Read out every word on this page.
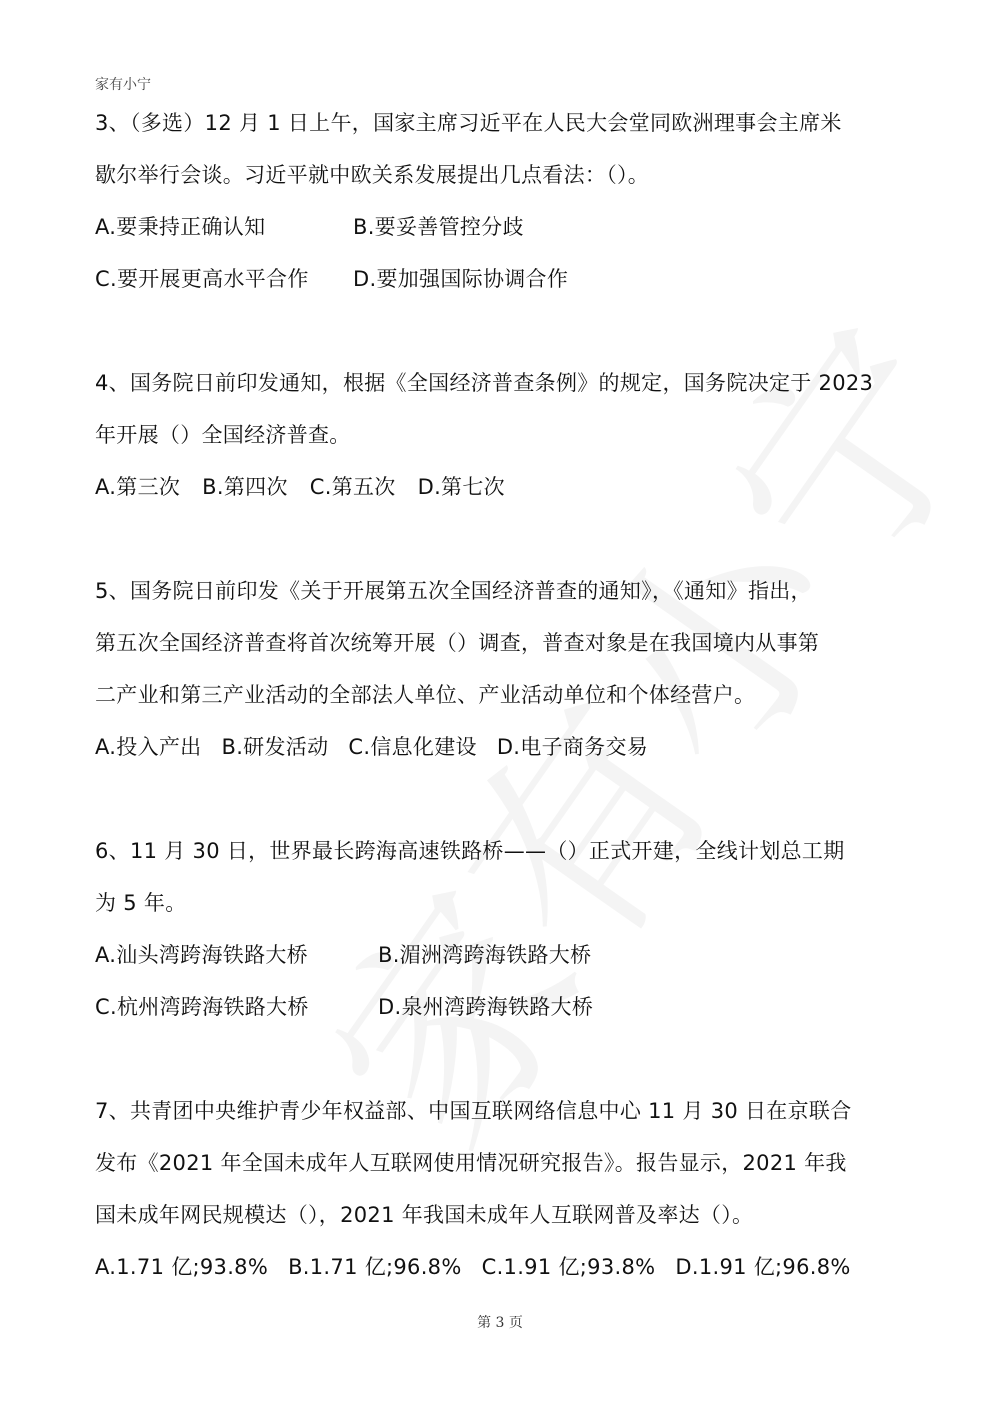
家有小宁
3、（多选）12 月 1 日上午，国家主席习近平在人民大会堂同欧洲理事会主席米
歇尔举行会谈。习近平就中欧关系发展提出几点看法：（）。
A.要秉持正确认知	B.要妥善管控分歧
C.要开展更高水平合作 D.要加强国际协调合作
4、国务院日前印发通知，根据《全国经济普查条例》的规定，国务院决定于 2023
年开展（）全国经济普查。
A.第三次 B.第四次 C.第五次 D.第七次
5、国务院日前印发《关于开展第五次全国经济普查的通知》，《通知》指出，
第五次全国经济普查将首次统筹开展（）调查，普查对象是在我国境内从事第
二产业和第三产业活动的全部法人单位、产业活动单位和个体经营户。
A.投入产出 B.研发活动 C.信息化建设 D.电子商务交易
6、11 月 30 日，世界最长跨海高速铁路桥——（）正式开建，全线计划总工期
为 5 年。
A.汕头湾跨海铁路大桥	B.湄洲湾跨海铁路大桥
C.杭州湾跨海铁路大桥	D.泉州湾跨海铁路大桥
7、共青团中央维护青少年权益部、中国互联网络信息中心 11 月 30 日在京联合
发布《2021 年全国未成年人互联网使用情况研究报告》。报告显示，2021 年我
国未成年网民规模达（），2021 年我国未成年人互联网普及率达（）。
A.1.71 亿;93.8% B.1.71 亿;96.8% C.1.91 亿;93.8% D.1.91 亿;96.8%
第 3 页
